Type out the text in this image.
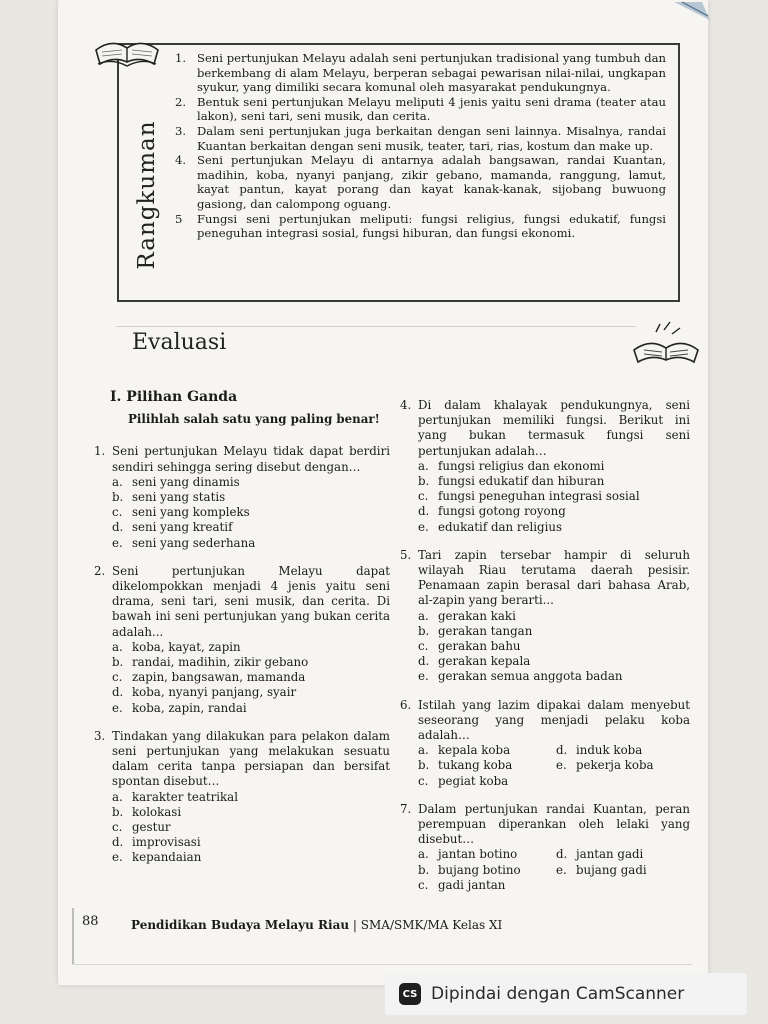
Rangkuman
1. Seni pertunjukan Melayu adalah seni pertunjukan tradisional yang tumbuh dan berkembang di alam Melayu, berperan sebagai pewarisan nilai-nilai, ungkapan syukur, yang dimiliki secara komunal oleh masyarakat pendukungnya.
2. Bentuk seni pertunjukan Melayu meliputi 4 jenis yaitu seni drama (teater atau lakon), seni tari, seni musik, dan cerita.
3. Dalam seni pertunjukan juga berkaitan dengan seni lainnya. Misalnya, randai Kuantan berkaitan dengan seni musik, teater, tari, rias, kostum dan make up.
4. Seni pertunjukan Melayu di antarnya adalah bangsawan, randai Kuantan, madihin, koba, nyanyi panjang, zikir gebano, mamanda, ranggung, lamut, kayat pantun, kayat porang dan kayat kanak-kanak, sijobang buwuong gasiong, dan calompong oguang.
5 Fungsi seni pertunjukan meliputi: fungsi religius, fungsi edukatif, fungsi peneguhan integrasi sosial, fungsi hiburan, dan fungsi ekonomi.
Evaluasi
I. Pilihan Ganda
Pilihlah salah satu yang paling benar!
1. Seni pertunjukan Melayu tidak dapat berdiri sendiri sehingga sering disebut dengan…
a. seni yang dinamis
b. seni yang statis
c. seni yang kompleks
d. seni yang kreatif
e. seni yang sederhana
2. Seni pertunjukan Melayu dapat dikelompokkan menjadi 4 jenis yaitu seni drama, seni tari, seni musik, dan cerita. Di bawah ini seni pertunjukan yang bukan cerita adalah...
a. koba, kayat, zapin
b. randai, madihin, zikir gebano
c. zapin, bangsawan, mamanda
d. koba, nyanyi panjang, syair
e. koba, zapin, randai
3. Tindakan yang dilakukan para pelakon dalam seni pertunjukan yang melakukan sesuatu dalam cerita tanpa persiapan dan bersifat spontan disebut…
a. karakter teatrikal
b. kolokasi
c. gestur
d. improvisasi
e. kepandaian
4. Di dalam khalayak pendukungnya, seni pertunjukan memiliki fungsi. Berikut ini yang bukan termasuk fungsi seni pertunjukan adalah…
a. fungsi religius dan ekonomi
b. fungsi edukatif dan hiburan
c. fungsi peneguhan integrasi sosial
d. fungsi gotong royong
e. edukatif dan religius
5. Tari zapin tersebar hampir di seluruh wilayah Riau terutama daerah pesisir. Penamaan zapin berasal dari bahasa Arab, al-zapin yang berarti...
a. gerakan kaki
b. gerakan tangan
c. gerakan bahu
d. gerakan kepala
e. gerakan semua anggota badan
6. Istilah yang lazim dipakai dalam menyebut seseorang yang menjadi pelaku koba adalah…
a. kepala koba	d. induk koba
b. tukang koba	e. pekerja koba
c. pegiat koba
7. Dalam pertunjukan randai Kuantan, peran perempuan diperankan oleh lelaki yang disebut…
a. jantan botino	d. jantan gadi
b. bujang botino	e. bujang gadi
c. gadi jantan
88	Pendidikan Budaya Melayu Riau | SMA/SMK/MA Kelas XI
CS Dipindai dengan CamScanner
